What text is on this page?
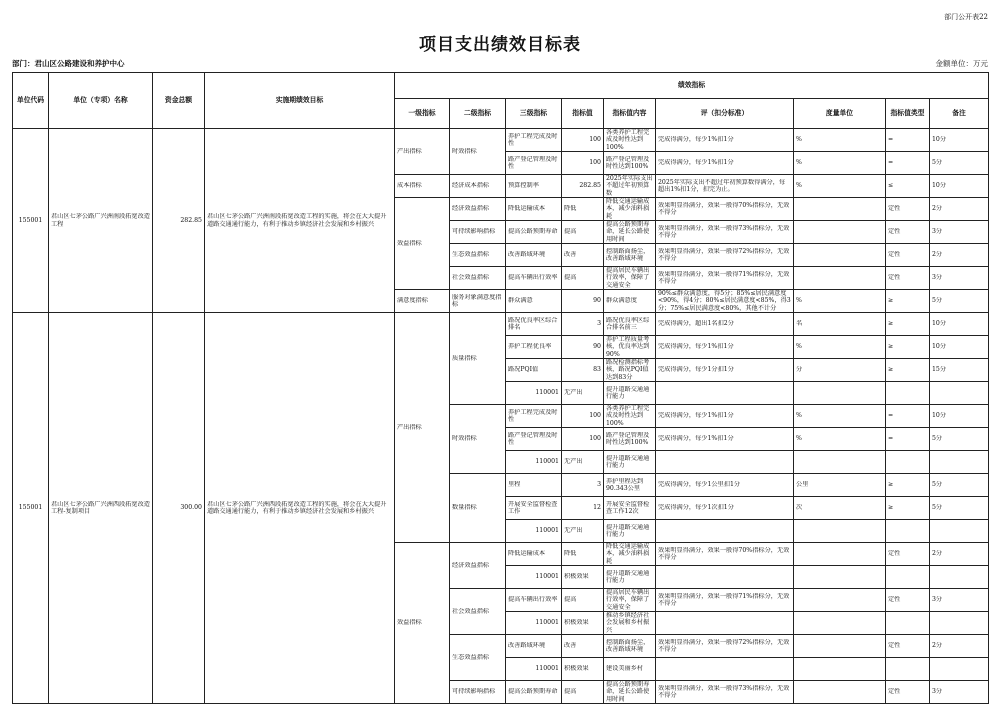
部门公开表22
项目支出绩效目标表
部门：君山区公路建设和养护中心	金额单位：万元
单位代码	单位（专项）名称	资金总额	实施期绩效目标	绩效指标								
				一级指标	二级指标	三级指标	指标值	指标值内容	评（扣分标准）	度量单位	指标值类型	备注

155001	君山区七茅公路广兴洲南段拓宽改造工程	282.85	君山区七茅公路广兴洲南段拓宽改造工程的实施，将会在大大提升道路交通通行能力，有利于推动乡镇经济社会发展和乡村振兴	产出指标	时效指标	养护工程完成及时性	100	各类养护工程完成及时性达到100%	完成得满分，每少1%扣1分	%	=	10分

						路产登记管理及时性	100	路产登记管理及时性达到100%	完成得满分，每少1%扣1分	%	=	5分

				成本指标	经济成本指标	预算控制率	282.85	2025年实际支出不超过年初预算数	2025年实际支出不超过年初预算数得满分，每超出1%扣1分，扣完为止。	%	≤	10分

				效益指标	经济效益指标	降低运输成本	降低	降低交通运输成本，减少油料损耗	效果明显得满分，效果一般得70%指标分，无效不得分		定性	2分

					可持续影响指标	提高公路预期寿命	提高	提高公路预期寿命，延长公路使用时间	效果明显得满分，效果一般得73%指标分，无效不得分		定性	3分

					生态效益指标	改善路域环境	改善	控制路面扬尘，改善路域环境	效果明显得满分，效果一般得72%指标分，无效不得分		定性	2分

					社会效益指标	提高车辆出行效率	提高	提高居民车辆出行效率，保障了交通安全	效果明显得满分，效果一般得71%指标分，无效不得分		定性	3分

				满意度指标	服务对象满意度指标	群众满意	90	群众满意度	90%≤群众满意度，得5分；85%≤居民满意度<90%，得4分；80%≤居民满意度<85%，得3分；75%≤居民满意度<80%，其他不计分	%	≥	5分

155001	君山区七茅公路广兴洲西段拓宽改造工程-复制项目	300.00	君山区七茅公路广兴洲西段拓宽改造工程的实施，将会在大大提升道路交通通行能力，有利于推动乡镇经济社会发展和乡村振兴	产出指标	质量指标	路况优良率区综合排名	3	路况优良率区综合排名前三	完成得满分，超出1名扣2分	名	≥	10分

						养护工程优良率	90	养护工程质量考核，优良率达到90%	完成得满分，每少1%扣1分	%	≥	10分

						路况PQI值	83	路况检测指标考核，路况PQI值达到83分	完成得满分，每少1分扣1分	分	≥	15分

						110001	无产出	提升道路交通通行能力				

					时效指标	养护工程完成及时性	100	各类养护工程完成及时性达到100%	完成得满分，每少1%扣1分	%	=	10分

						路产登记管理及时性	100	路产登记管理及时性达到100%	完成得满分，每少1%扣1分	%	=	5分

						110001	无产出	提升道路交通通行能力				

					数量指标	里程	3	养护里程达到90.343公里	完成得满分，每少1公里扣1分	公里	≥	5分

						开展安全监督检查工作	12	开展安全监督检查工作12次	完成得满分，每少1次扣1分	次	≥	5分

						110001	无产出	提升道路交通通行能力				

				效益指标	经济效益指标	降低运输成本	降低	降低交通运输成本，减少油料损耗	效果明显得满分，效果一般得70%指标分，无效不得分		定性	2分

						110001	积极效果	提升道路交通通行能力				

					社会效益指标	提高车辆出行效率	提高	提高居民车辆出行效率，保障了交通安全	效果明显得满分，效果一般得71%指标分，无效不得分		定性	3分

						110001	积极效果	推动乡镇经济社会发展和乡村振兴				

					生态效益指标	改善路域环境	改善	控制路面扬尘，改善路域环境	效果明显得满分，效果一般得72%指标分，无效不得分		定性	2分

						110001	积极效果	建设美丽乡村				

					可持续影响指标	提高公路预期寿命	提高	提高公路预期寿命，延长公路使用时间	效果明显得满分，效果一般得73%指标分，无效不得分		定性	3分
